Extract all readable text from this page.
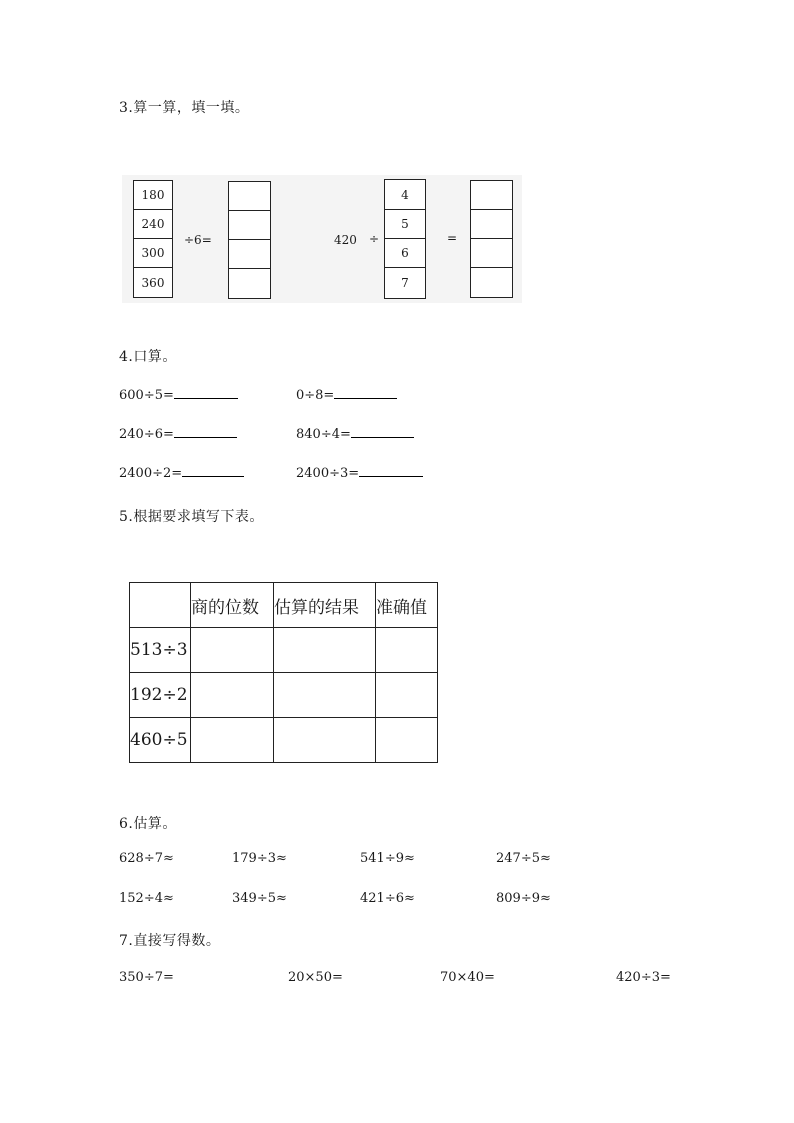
3.算一算，填一填。
180
240
300
360
÷6=	420 ÷
4
5
6
7
=
4.口算。
600÷5=	0÷8=
240÷6=	840÷4=
2400÷2=	2400÷3=
5.根据要求填写下表。
	商的位数	估算的结果	准确值
513÷3			
192÷2			
460÷5			
6.估算。
628÷7≈	179÷3≈	541÷9≈	247÷5≈
152÷4≈	349÷5≈	421÷6≈	809÷9≈
7.直接写得数。
350÷7=	20×50=	70×40=	420÷3=
